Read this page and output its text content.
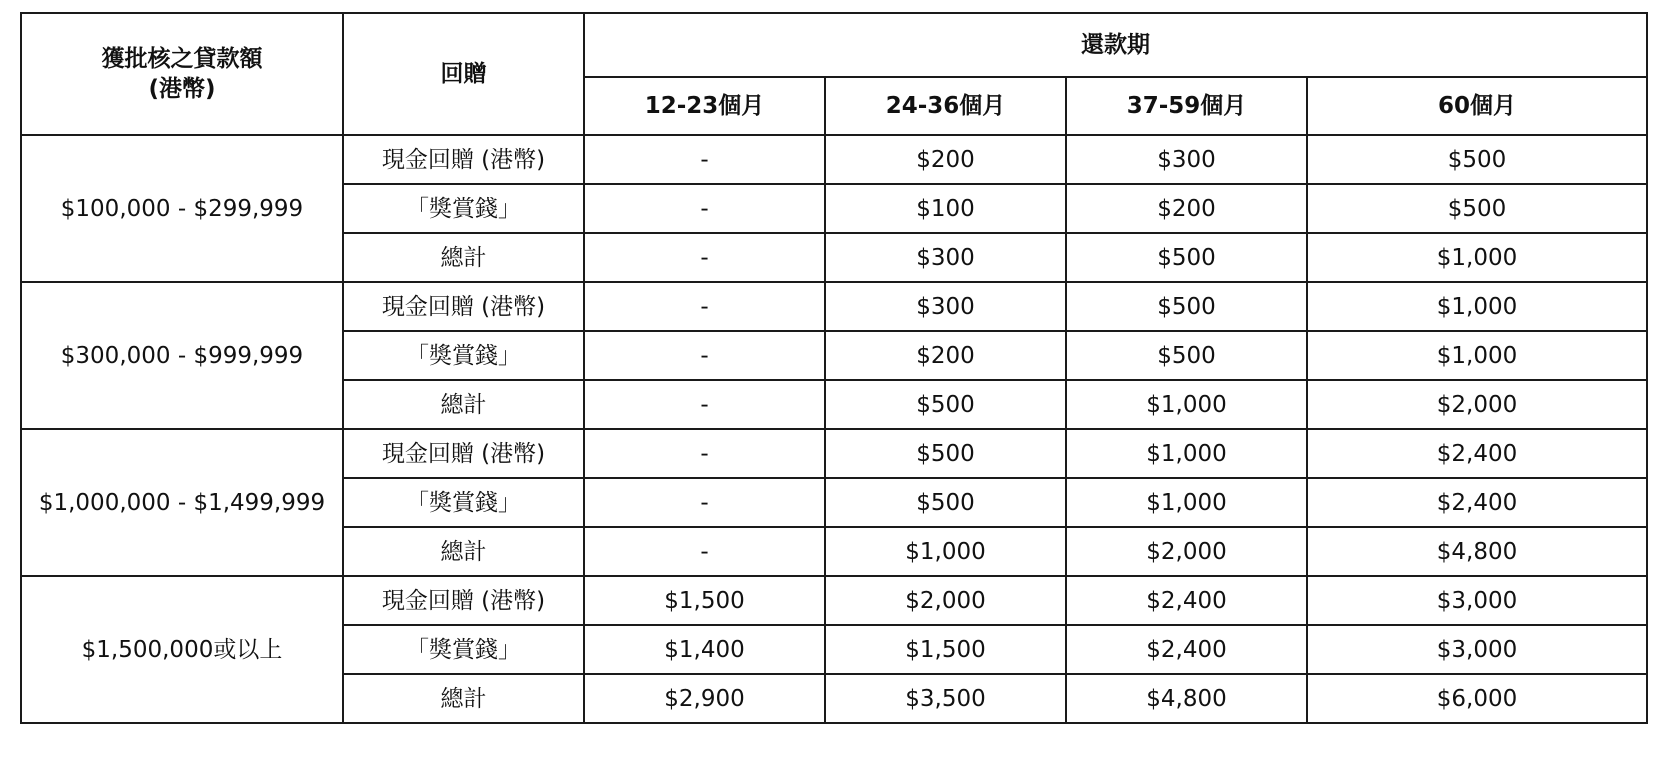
獲批核之貸款額
(港幣)	回贈	還款期			
		12-23個月	24-36個月	37-59個月	60個月
$100,000 - $299,999	現金回贈 (港幣)	-	$200	$300	$500
	「獎賞錢」	-	$100	$200	$500
	總計	-	$300	$500	$1,000
$300,000 - $999,999	現金回贈 (港幣)	-	$300	$500	$1,000
	「獎賞錢」	-	$200	$500	$1,000
	總計	-	$500	$1,000	$2,000
$1,000,000 - $1,499,999	現金回贈 (港幣)	-	$500	$1,000	$2,400
	「獎賞錢」	-	$500	$1,000	$2,400
	總計	-	$1,000	$2,000	$4,800
$1,500,000或以上	現金回贈 (港幣)	$1,500	$2,000	$2,400	$3,000
	「獎賞錢」	$1,400	$1,500	$2,400	$3,000
	總計	$2,900	$3,500	$4,800	$6,000
